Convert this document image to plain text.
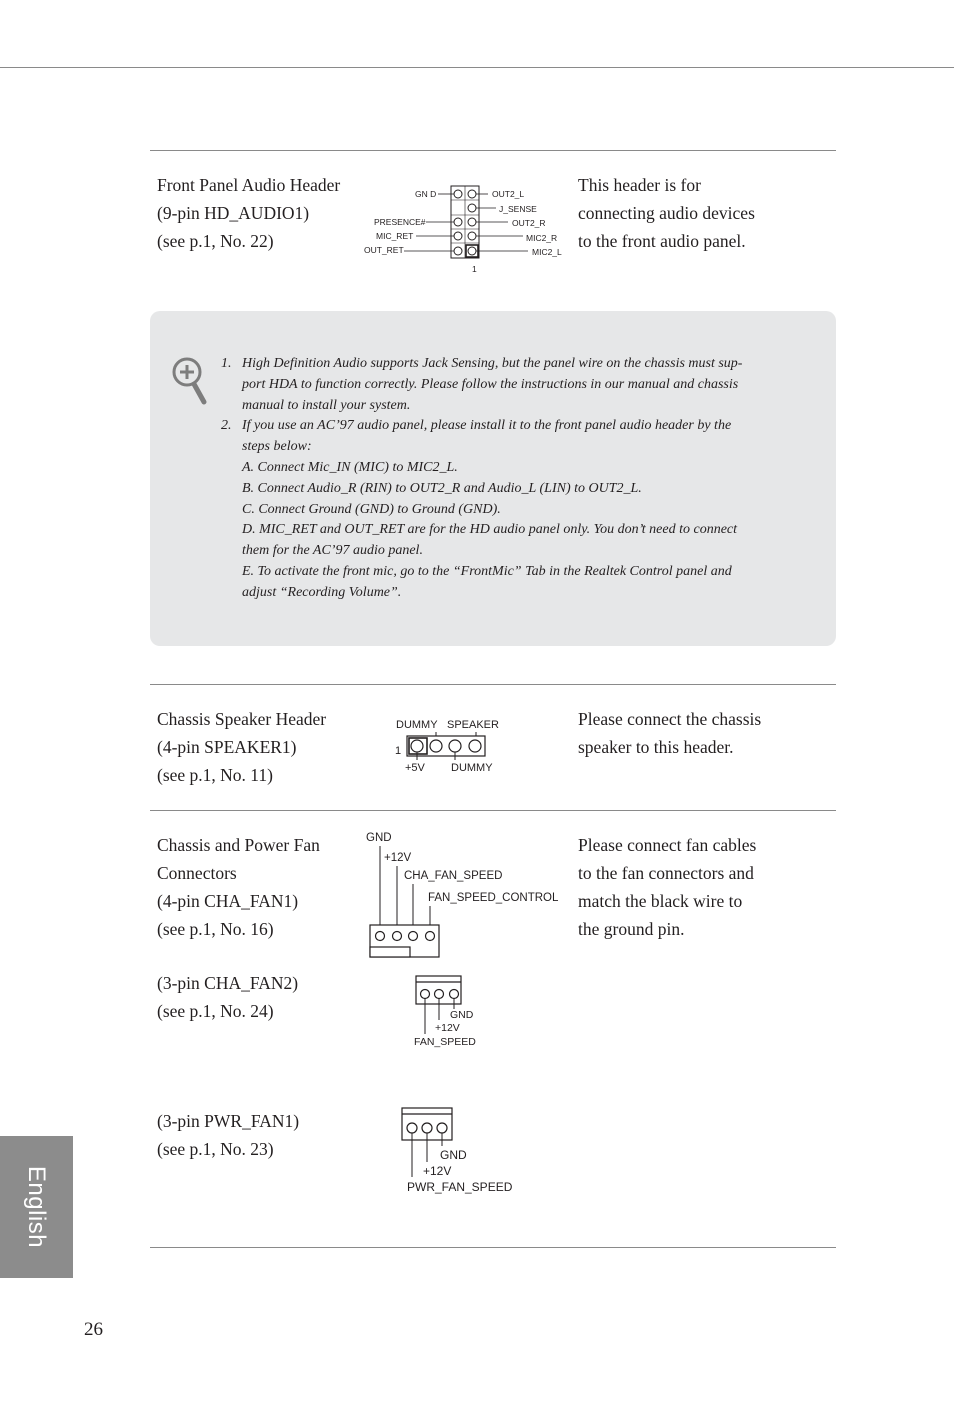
Front Panel Audio Header
(9-pin HD_AUDIO1)
(see p.1, No. 22)
GN D
PRESENCE#
MIC_RET
OUT_RET
OUT2_L
J_SENSE
OUT2_R
MIC2_R
MIC2_L
1
This header is for
connecting audio devices
to the front audio panel.
1. High Definition Audio supports Jack Sensing, but the panel wire on the chassis must sup-
port HDA to function correctly. Please follow the instructions in our manual and chassis
manual to install your system.
2. If you use an AC’97 audio panel, please install it to the front panel audio header by the
steps below:
A. Connect Mic_IN (MIC) to MIC2_L.
B. Connect Audio_R (RIN) to OUT2_R and Audio_L (LIN) to OUT2_L.
C. Connect Ground (GND) to Ground (GND).
D. MIC_RET and OUT_RET are for the HD audio panel only. You don’t need to connect
them for the AC’97 audio panel.
E. To activate the front mic, go to the “FrontMic” Tab in the Realtek Control panel and
adjust “Recording Volume”.
Chassis Speaker Header
(4-pin SPEAKER1)
(see p.1, No. 11)
DUMMY SPEAKER
1
+5V DUMMY
Please connect the chassis
speaker to this header.
Chassis and Power Fan
Connectors
(4-pin CHA_FAN1)
(see p.1, No. 16)
(3-pin CHA_FAN2)
(see p.1, No. 24)
(3-pin PWR_FAN1)
(see p.1, No. 23)
Please connect fan cables
to the fan connectors and
match the black wire to
the ground pin.
GND
+12V
CHA_FAN_SPEED
FAN_SPEED_CONTROL
GND
+12V
FAN_SPEED
GND
+12V
PWR_FAN_SPEED
English
26
